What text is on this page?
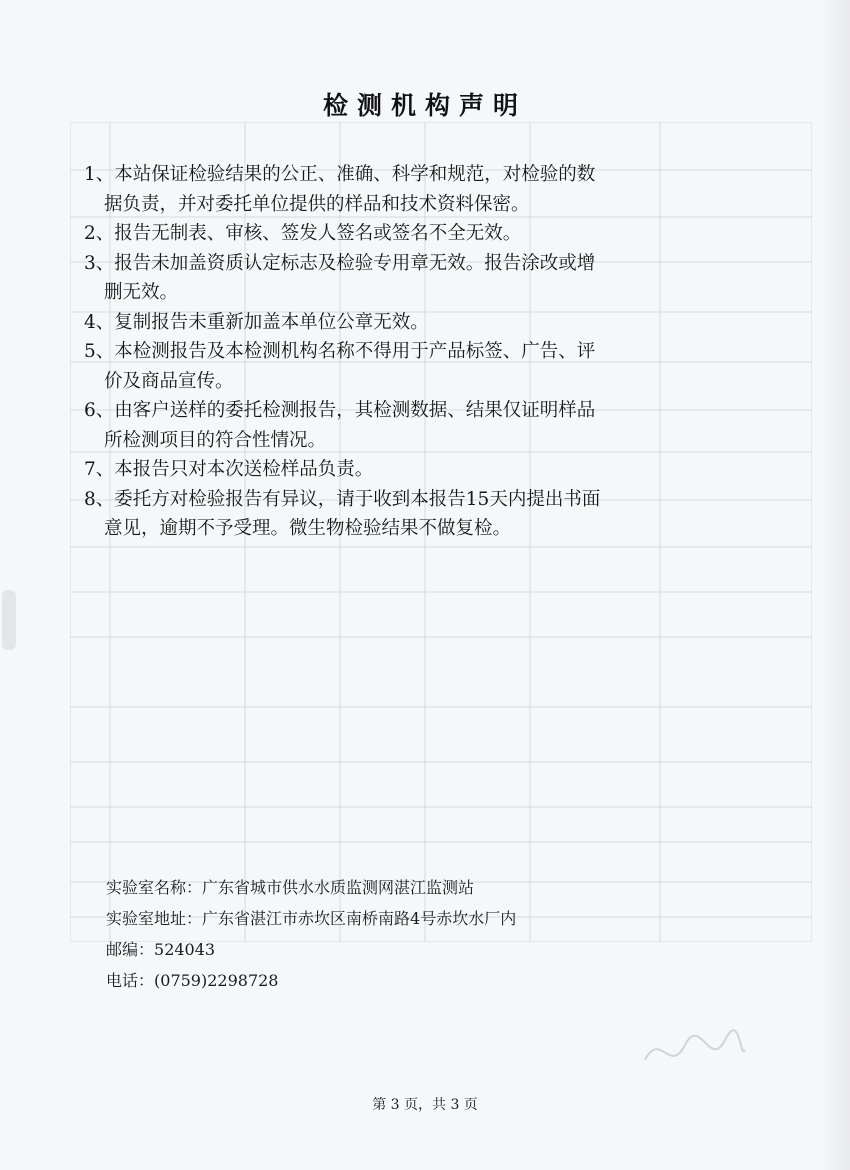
检测机构声明
1、本站保证检验结果的公正、准确、科学和规范，对检验的数
据负责，并对委托单位提供的样品和技术资料保密。
2、报告无制表、审核、签发人签名或签名不全无效。
3、报告未加盖资质认定标志及检验专用章无效。报告涂改或增
删无效。
4、复制报告未重新加盖本单位公章无效。
5、本检测报告及本检测机构名称不得用于产品标签、广告、评
价及商品宣传。
6、由客户送样的委托检测报告，其检测数据、结果仅证明样品
所检测项目的符合性情况。
7、本报告只对本次送检样品负责。
8、委托方对检验报告有异议，请于收到本报告15天内提出书面
意见，逾期不予受理。微生物检验结果不做复检。
实验室名称：广东省城市供水水质监测网湛江监测站
实验室地址：广东省湛江市赤坎区南桥南路4号赤坎水厂内
邮编：524043
电话：(0759)2298728
第 3 页，共 3 页
